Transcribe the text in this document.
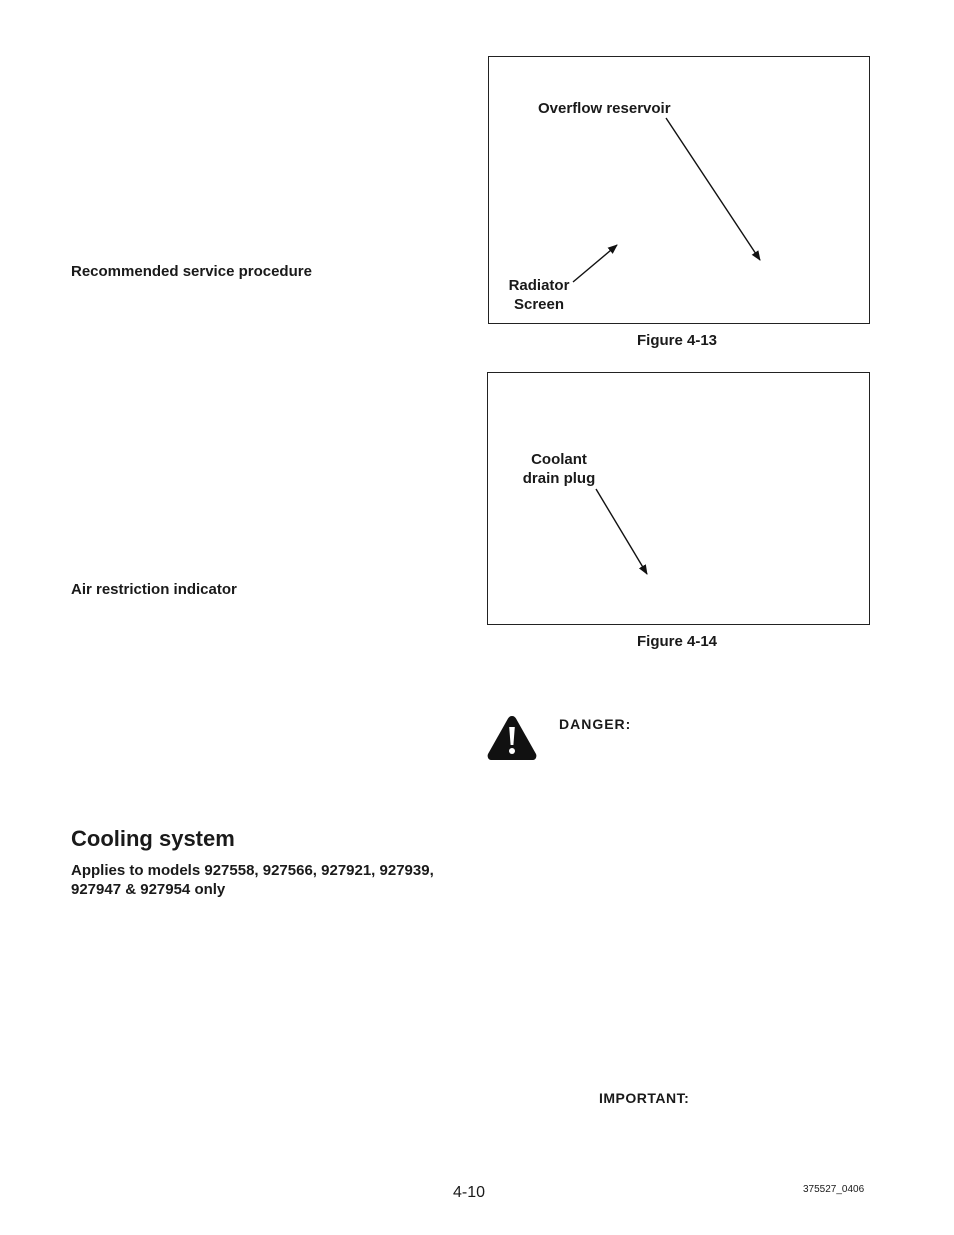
Recommended service procedure
Air restriction indicator
Cooling system
Applies to models 927558, 927566, 927921, 927939,
927947 & 927954 only
Overflow reservoir
Radiator
Screen
Figure 4-13
Coolant
drain plug
Figure 4-14
DANGER:
IMPORTANT:
4-10	375527_0406
